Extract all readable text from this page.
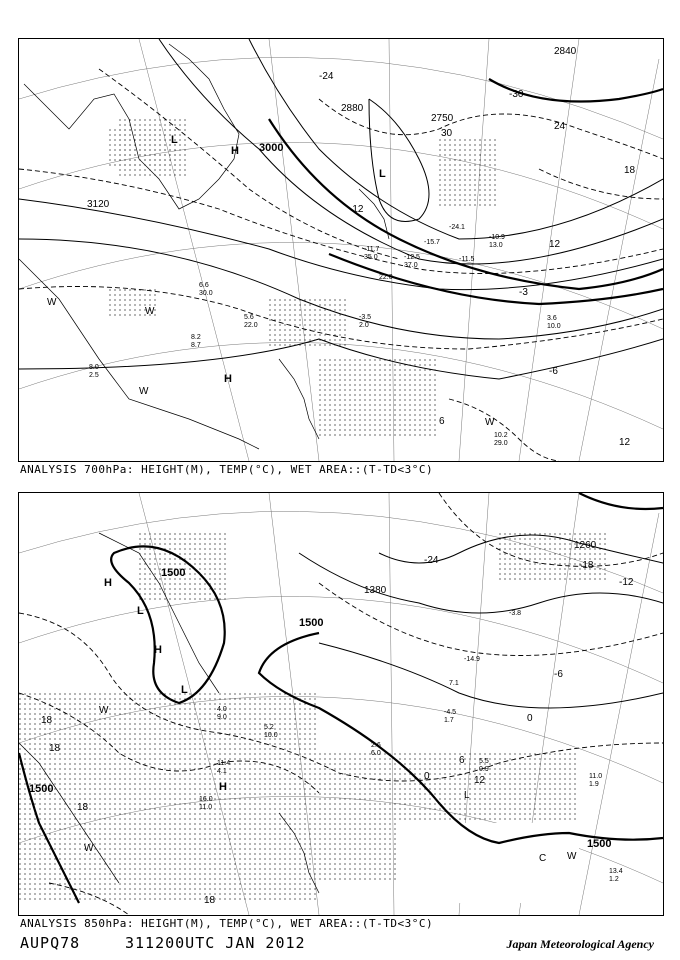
3000
3120
2880
2750
2840
30
-30
-24
24
18
12
-12
-6
-3
6
12
L
H
L
H
W
W
W
W
-11.7
35.0	-12.5
37.0
-11.5
-15.7
22.0
-24.1
-10.9
13.0
-3.5
2.0
3.6
10.0
8.0
2.5
10.2
29.0
5.6
22.0
6.6
30.0
8.2
8.7
ANALYSIS 700hPa: HEIGHT(M), TEMP(°C), WET AREA::(T-TD<3°C)
1500
1500
1500
1500
1380
1260
-24	-18
-12
18
18
18
18
12
-6
6
0
0
H
L
H
L
H
W
W
W
L
C
11.4
4.1
16.0
11.0
4.0
9.0
5.2
10.0
2.6
6.0
-4.5
1.7
7.1
5.5
0.9
11.0
1.9
13.4
1.2
-14.9
-3.8
ANALYSIS 850hPa: HEIGHT(M), TEMP(°C), WET AREA::(T-TD<3°C)
AUPQ78	311200UTC JAN 2012	Japan Meteorological Agency
